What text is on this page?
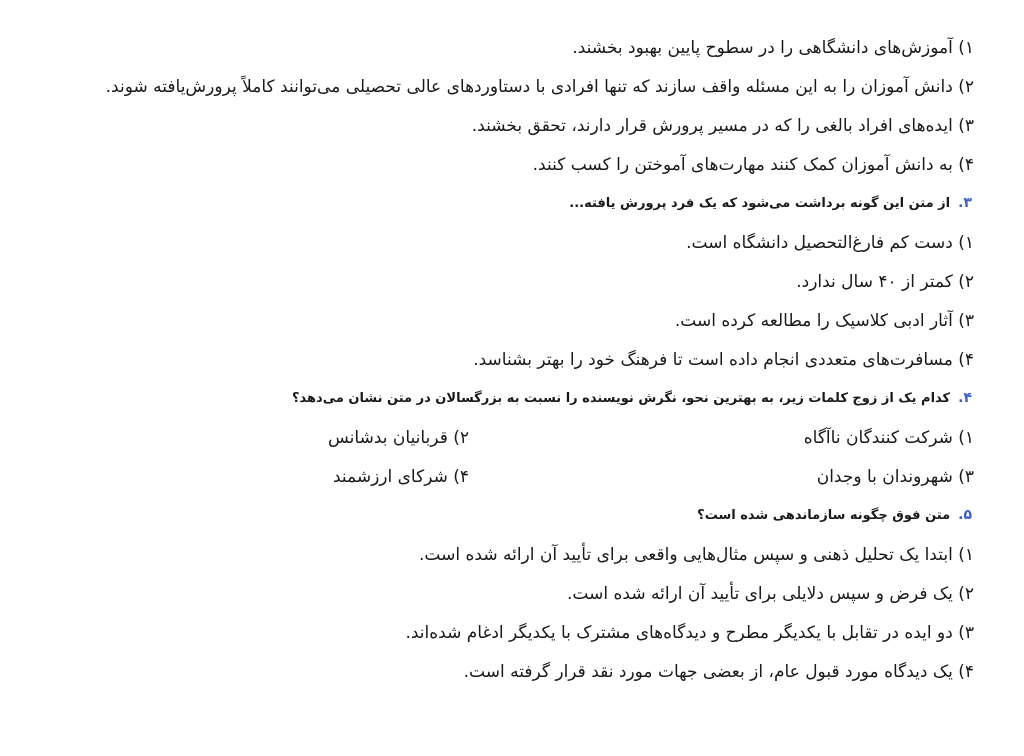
۱) آموزش‌های دانشگاهی را در سطوح پایین بهبود بخشند.
۲) دانش آموزان را به این مسئله واقف سازند که تنها افرادی با دستاوردهای عالی تحصیلی می‌توانند کاملاً پرورش‌یافته شوند.
۳) ایده‌های افراد بالغی را که در مسیر پرورش قرار دارند، تحقق بخشند.
۴) به دانش آموزان کمک کنند مهارت‌های آموختن را کسب کنند.
۳.از متن این گونه برداشت می‌شود که یک فرد پرورش یافته...
۱) دست کم فارغ‌التحصیل دانشگاه است.
۲) کمتر از ۴۰ سال ندارد.
۳) آثار ادبی کلاسیک را مطالعه کرده است.
۴) مسافرت‌های متعددی انجام داده است تا فرهنگ خود را بهتر بشناسد.
۴.کدام یک از زوج کلمات زیر، به بهترین نحو، نگرش نویسنده را نسبت به بزرگسالان در متن نشان می‌دهد؟
۱) شرکت کنندگان ناآگاه
۲) قربانیان بدشانس
۳) شهروندان با وجدان
۴) شرکای ارزشمند
۵.متن فوق چگونه سازماندهی شده است؟
۱) ابتدا یک تحلیل ذهنی و سپس مثال‌هایی واقعی برای تأیید آن ارائه شده است.
۲) یک فرض و سپس دلایلی برای تأیید آن ارائه شده است.
۳) دو ایده در تقابل با یکدیگر مطرح و دیدگاه‌های مشترک با یکدیگر ادغام شده‌اند.
۴) یک دیدگاه مورد قبول عام، از بعضی جهات مورد نقد قرار گرفته است.
